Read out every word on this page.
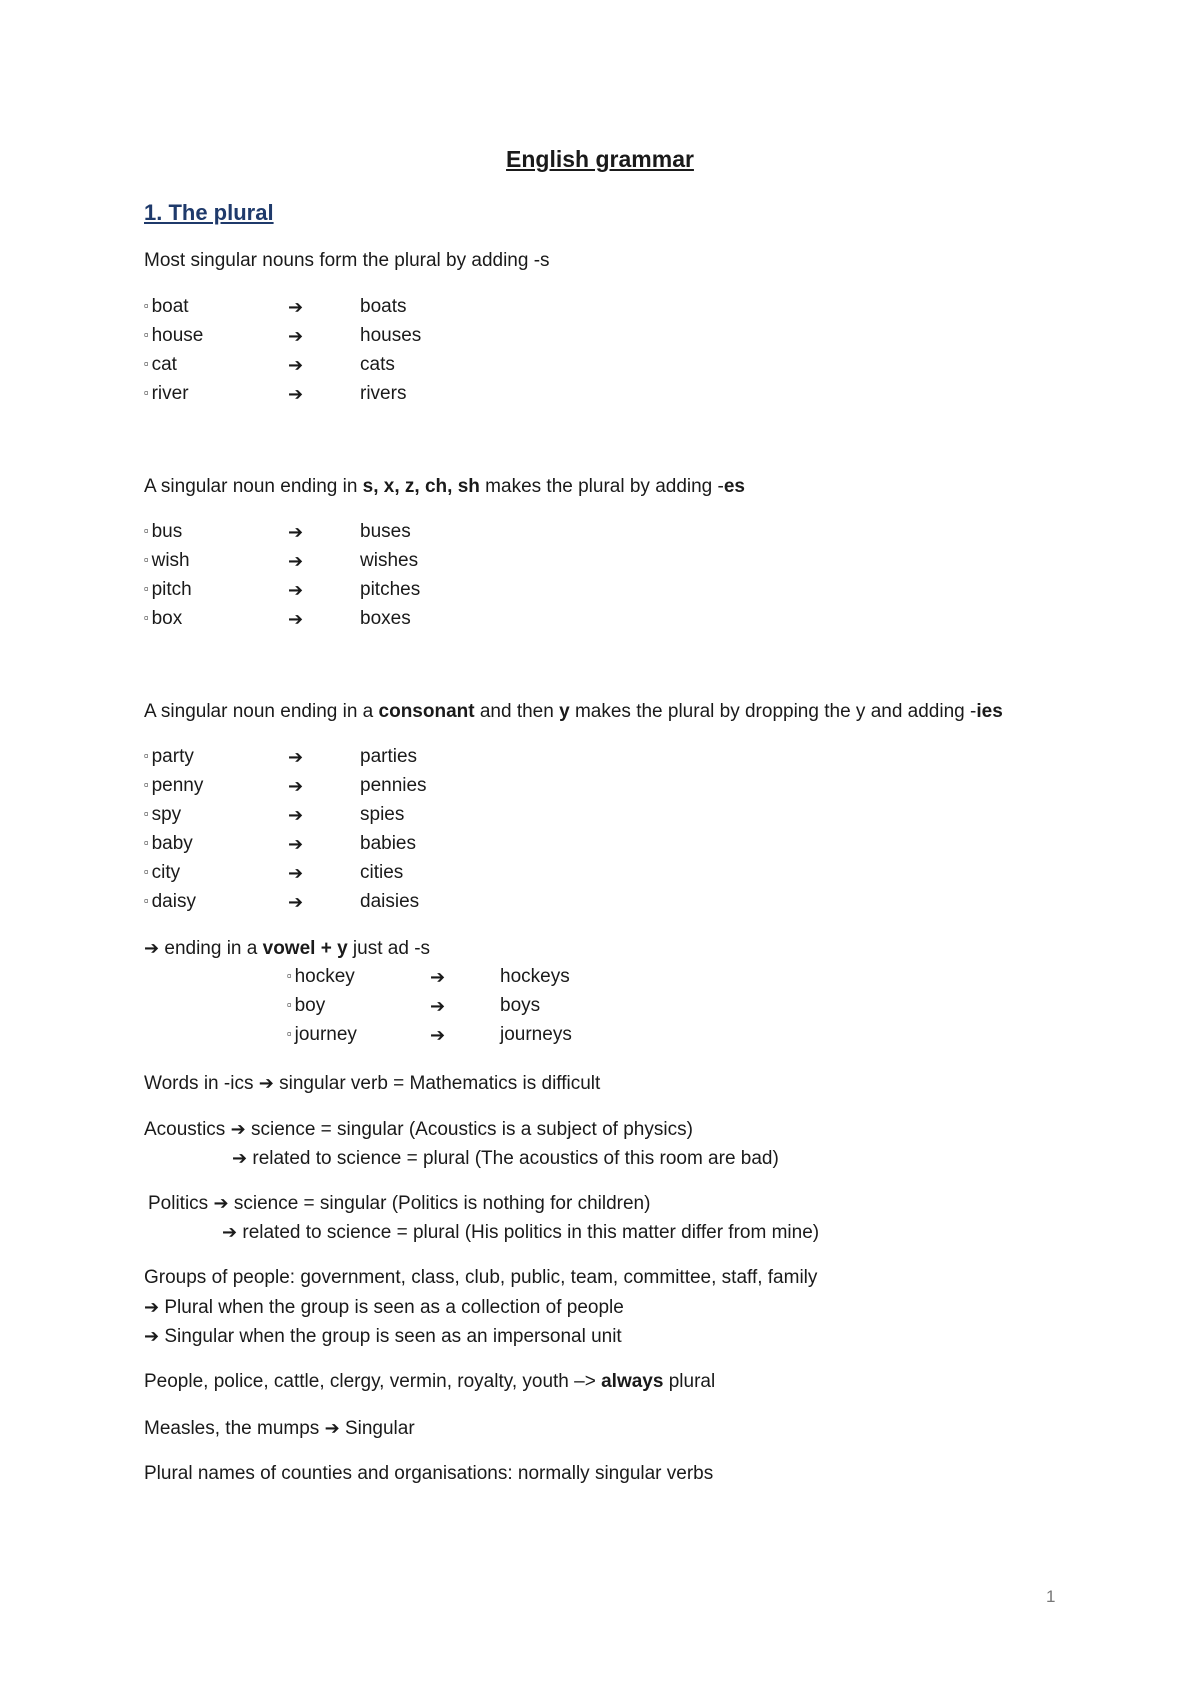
English grammar
1. The plural
Most singular nouns form the plural by adding -s
▫ boat	➔	boats
▫ house	➔	houses
▫ cat	➔	cats
▫ river	➔	rivers
A singular noun ending in s, x, z, ch, sh makes the plural by adding -es
▫ bus	➔	buses
▫ wish	➔	wishes
▫ pitch	➔	pitches
▫ box	➔	boxes
A singular noun ending in a consonant and then y makes the plural by dropping the y and adding -ies
▫ party	➔	parties
▫ penny	➔	pennies
▫ spy	➔	spies
▫ baby	➔	babies
▫ city	➔	cities
▫ daisy	➔	daisies
➔ ending in a vowel + y just ad -s
▫ hockey	➔	hockeys
▫ boy	➔	boys
▫ journey	➔	journeys
Words in -ics ➔ singular verb = Mathematics is difficult
Acoustics ➔ science = singular (Acoustics is a subject of physics)
➔ related to science = plural (The acoustics of this room are bad)
Politics ➔ science = singular (Politics is nothing for children)
➔ related to science = plural (His politics in this matter differ from mine)
Groups of people: government, class, club, public, team, committee, staff, family
➔ Plural when the group is seen as a collection of people
➔ Singular when the group is seen as an impersonal unit
People, police, cattle, clergy, vermin, royalty, youth –> always plural
Measles, the mumps ➔ Singular
Plural names of counties and organisations: normally singular verbs
1
